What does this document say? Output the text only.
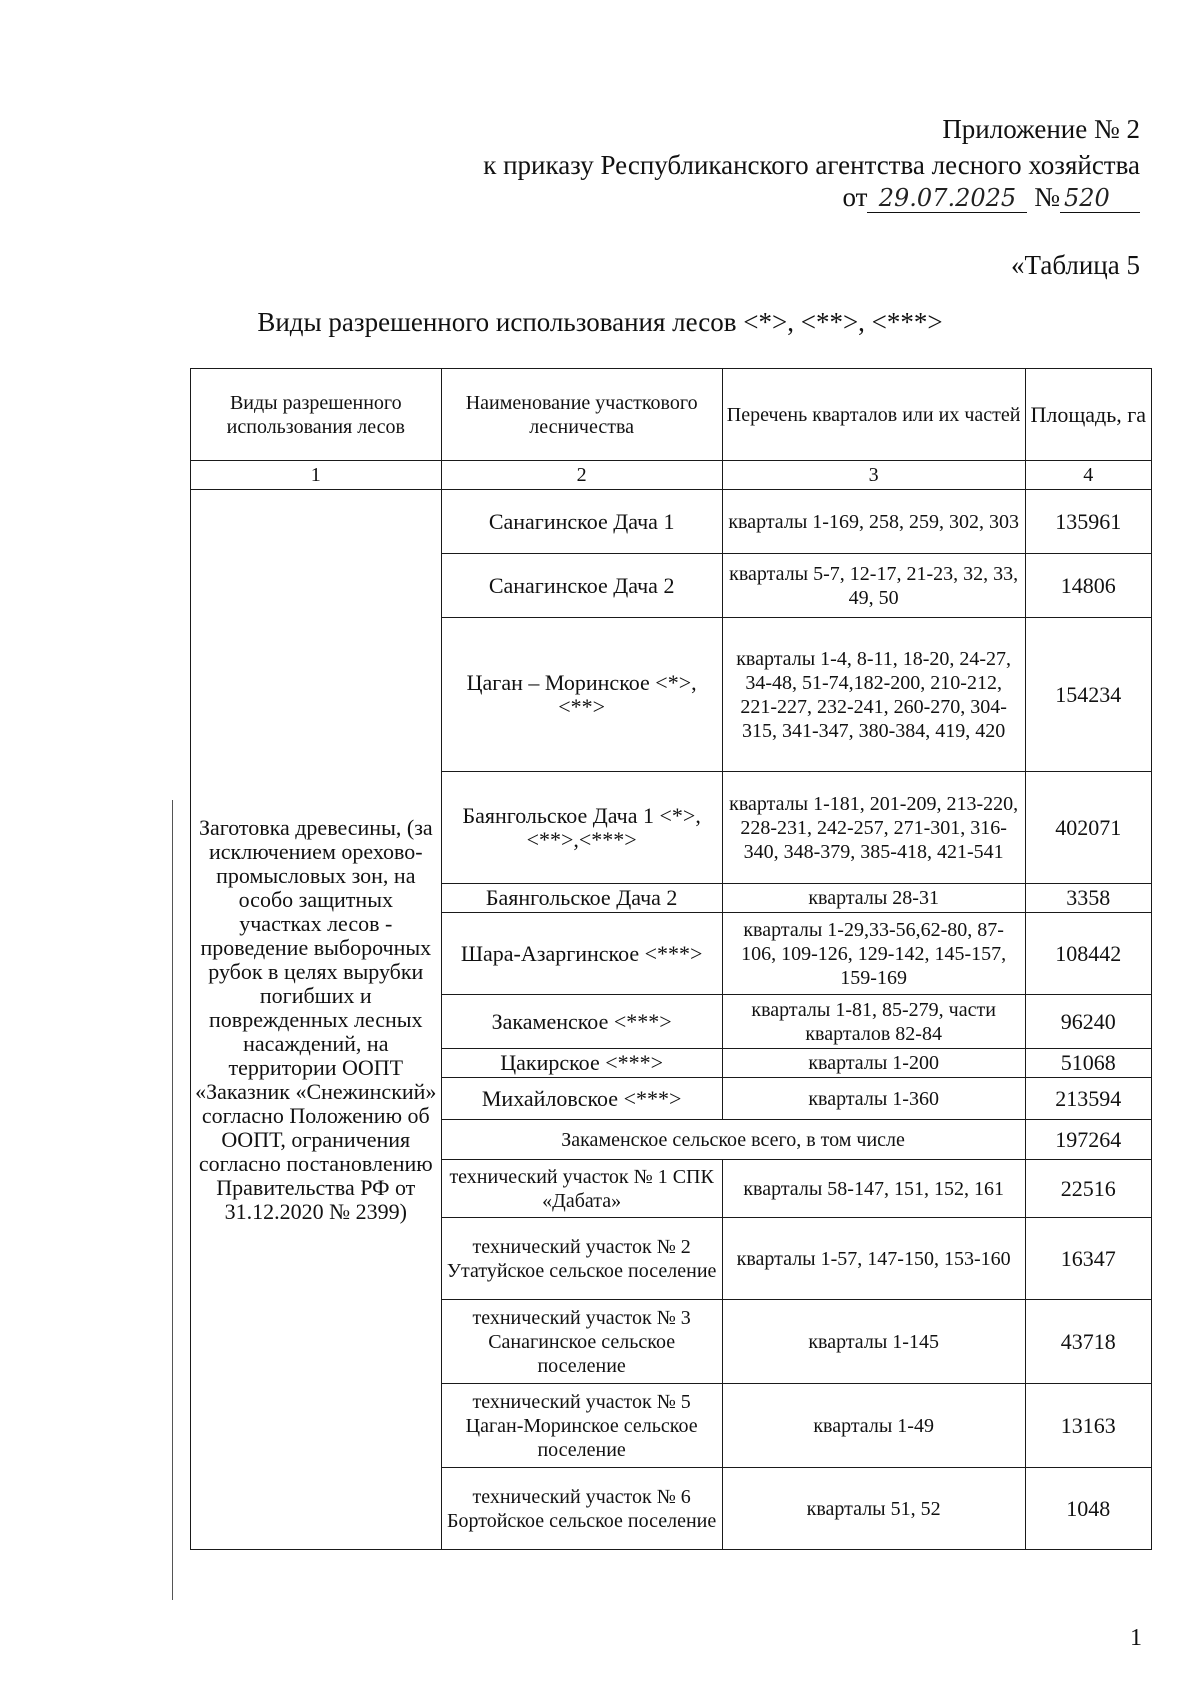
Приложение № 2
к приказу Республиканского агентства лесного хозяйства
от 29.07.2025 № 520
«Таблица 5
Виды разрешенного использования лесов <*>, <**>, <***>
Виды разрешенного использования лесов	Наименование участкового лесничества	Перечень кварталов или их частей	Площадь, га
1	2	3	4
Заготовка древесины, (за исключением орехово-промысловых зон, на особо защитных участках лесов - проведение выборочных рубок в целях вырубки погибших и поврежденных лесных насаждений, на территории ООПТ «Заказник «Снежинский» согласно Положению об ООПТ, ограничения согласно постановлению Правительства РФ от 31.12.2020 № 2399)	Санагинское Дача 1	кварталы 1-169, 258, 259, 302, 303	135961
	Санагинское Дача 2	кварталы 5-7, 12-17, 21-23, 32, 33, 49, 50	14806
	Цаган – Моринское <*>,<**>	кварталы 1-4, 8-11, 18-20, 24-27, 34-48, 51-74,182-200, 210-212, 221-227, 232-241, 260-270, 304-315, 341-347, 380-384, 419, 420	154234
	Баянгольское Дача 1 <*>,<**>,<***>	кварталы 1-181, 201-209, 213-220, 228-231, 242-257, 271-301, 316-340, 348-379, 385-418, 421-541	402071
	Баянгольское Дача 2	кварталы 28-31	3358
	Шара-Азаргинское <***>	кварталы 1-29,33-56,62-80, 87-106, 109-126, 129-142, 145-157, 159-169	108442
	Закаменское <***>	кварталы 1-81, 85-279, части кварталов 82-84	96240
	Цакирское <***>	кварталы 1-200	51068
	Михайловское <***>	кварталы 1-360	213594
	Закаменское сельское всего, в том числе		197264
	технический участок № 1 СПК «Дабата»	кварталы 58-147, 151, 152, 161	22516
	технический участок № 2 Утатуйское сельское поселение	кварталы 1-57, 147-150, 153-160	16347
	технический участок № 3 Санагинское сельское поселение	кварталы 1-145	43718
	технический участок № 5 Цаган-Моринское сельское поселение	кварталы 1-49	13163
	технический участок № 6 Бортойское сельское поселение	кварталы 51, 52	1048
1
